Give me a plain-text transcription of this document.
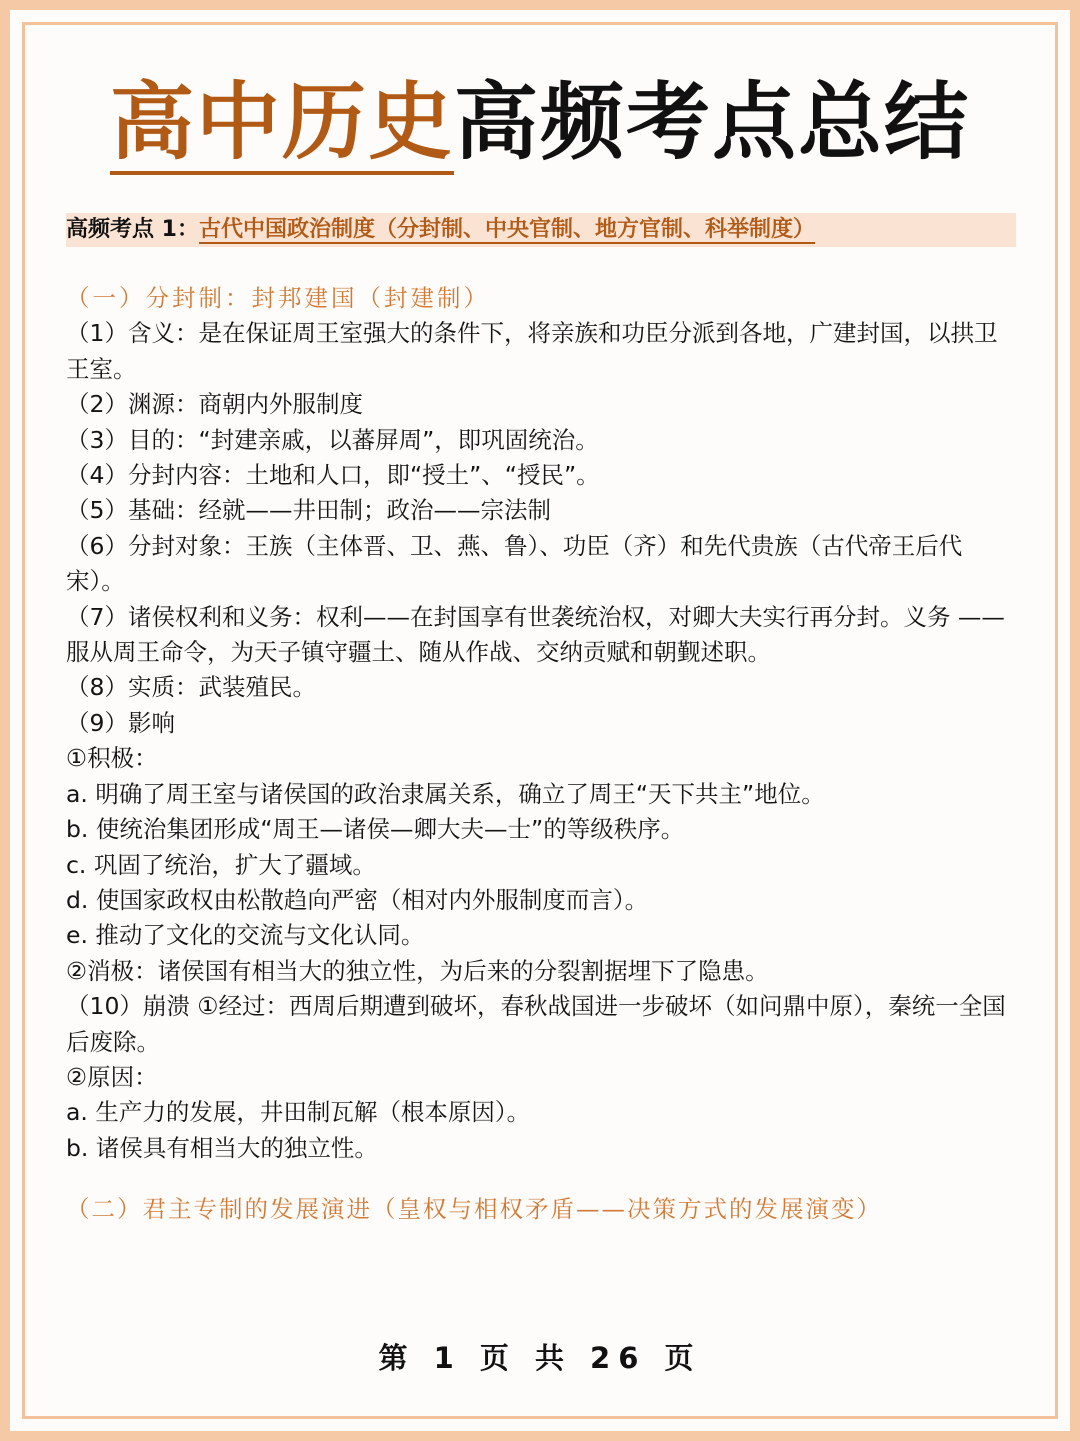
高中历史高频考点总结
高频考点 1：古代中国政治制度（分封制、中央官制、地方官制、科举制度）

（一）分封制：封邦建国（封建制）

（1）含义：是在保证周王室强大的条件下，将亲族和功臣分派到各地，广建封国，以拱卫王室。

（2）渊源：商朝内外服制度

（3）目的：“封建亲戚，以蕃屏周”，即巩固统治。

（4）分封内容：土地和人口，即“授土”、“授民”。

（5）基础：经就——井田制；政治——宗法制

（6）分封对象：王族（主体晋、卫、燕、鲁）、功臣（齐）和先代贵族（古代帝王后代宋）。

（7）诸侯权利和义务：权利——在封国享有世袭统治权，对卿大夫实行再分封。义务 ——服从周王命令，为天子镇守疆土、随从作战、交纳贡赋和朝觐述职。

（8）实质：武装殖民。

（9）影响

①积极：

a. 明确了周王室与诸侯国的政治隶属关系，确立了周王“天下共主”地位。

b. 使统治集团形成“周王—诸侯—卿大夫—士”的等级秩序。

c. 巩固了统治，扩大了疆域。

d. 使国家政权由松散趋向严密（相对内外服制度而言）。

e. 推动了文化的交流与文化认同。

②消极：诸侯国有相当大的独立性，为后来的分裂割据埋下了隐患。

（10）崩溃 ①经过：西周后期遭到破坏，春秋战国进一步破坏（如问鼎中原），秦统一全国后废除。

②原因：

a. 生产力的发展，井田制瓦解（根本原因）。

b. 诸侯具有相当大的独立性。

（二）君主专制的发展演进（皇权与相权矛盾——决策方式的发展演变）

第 1 页 共 26 页
